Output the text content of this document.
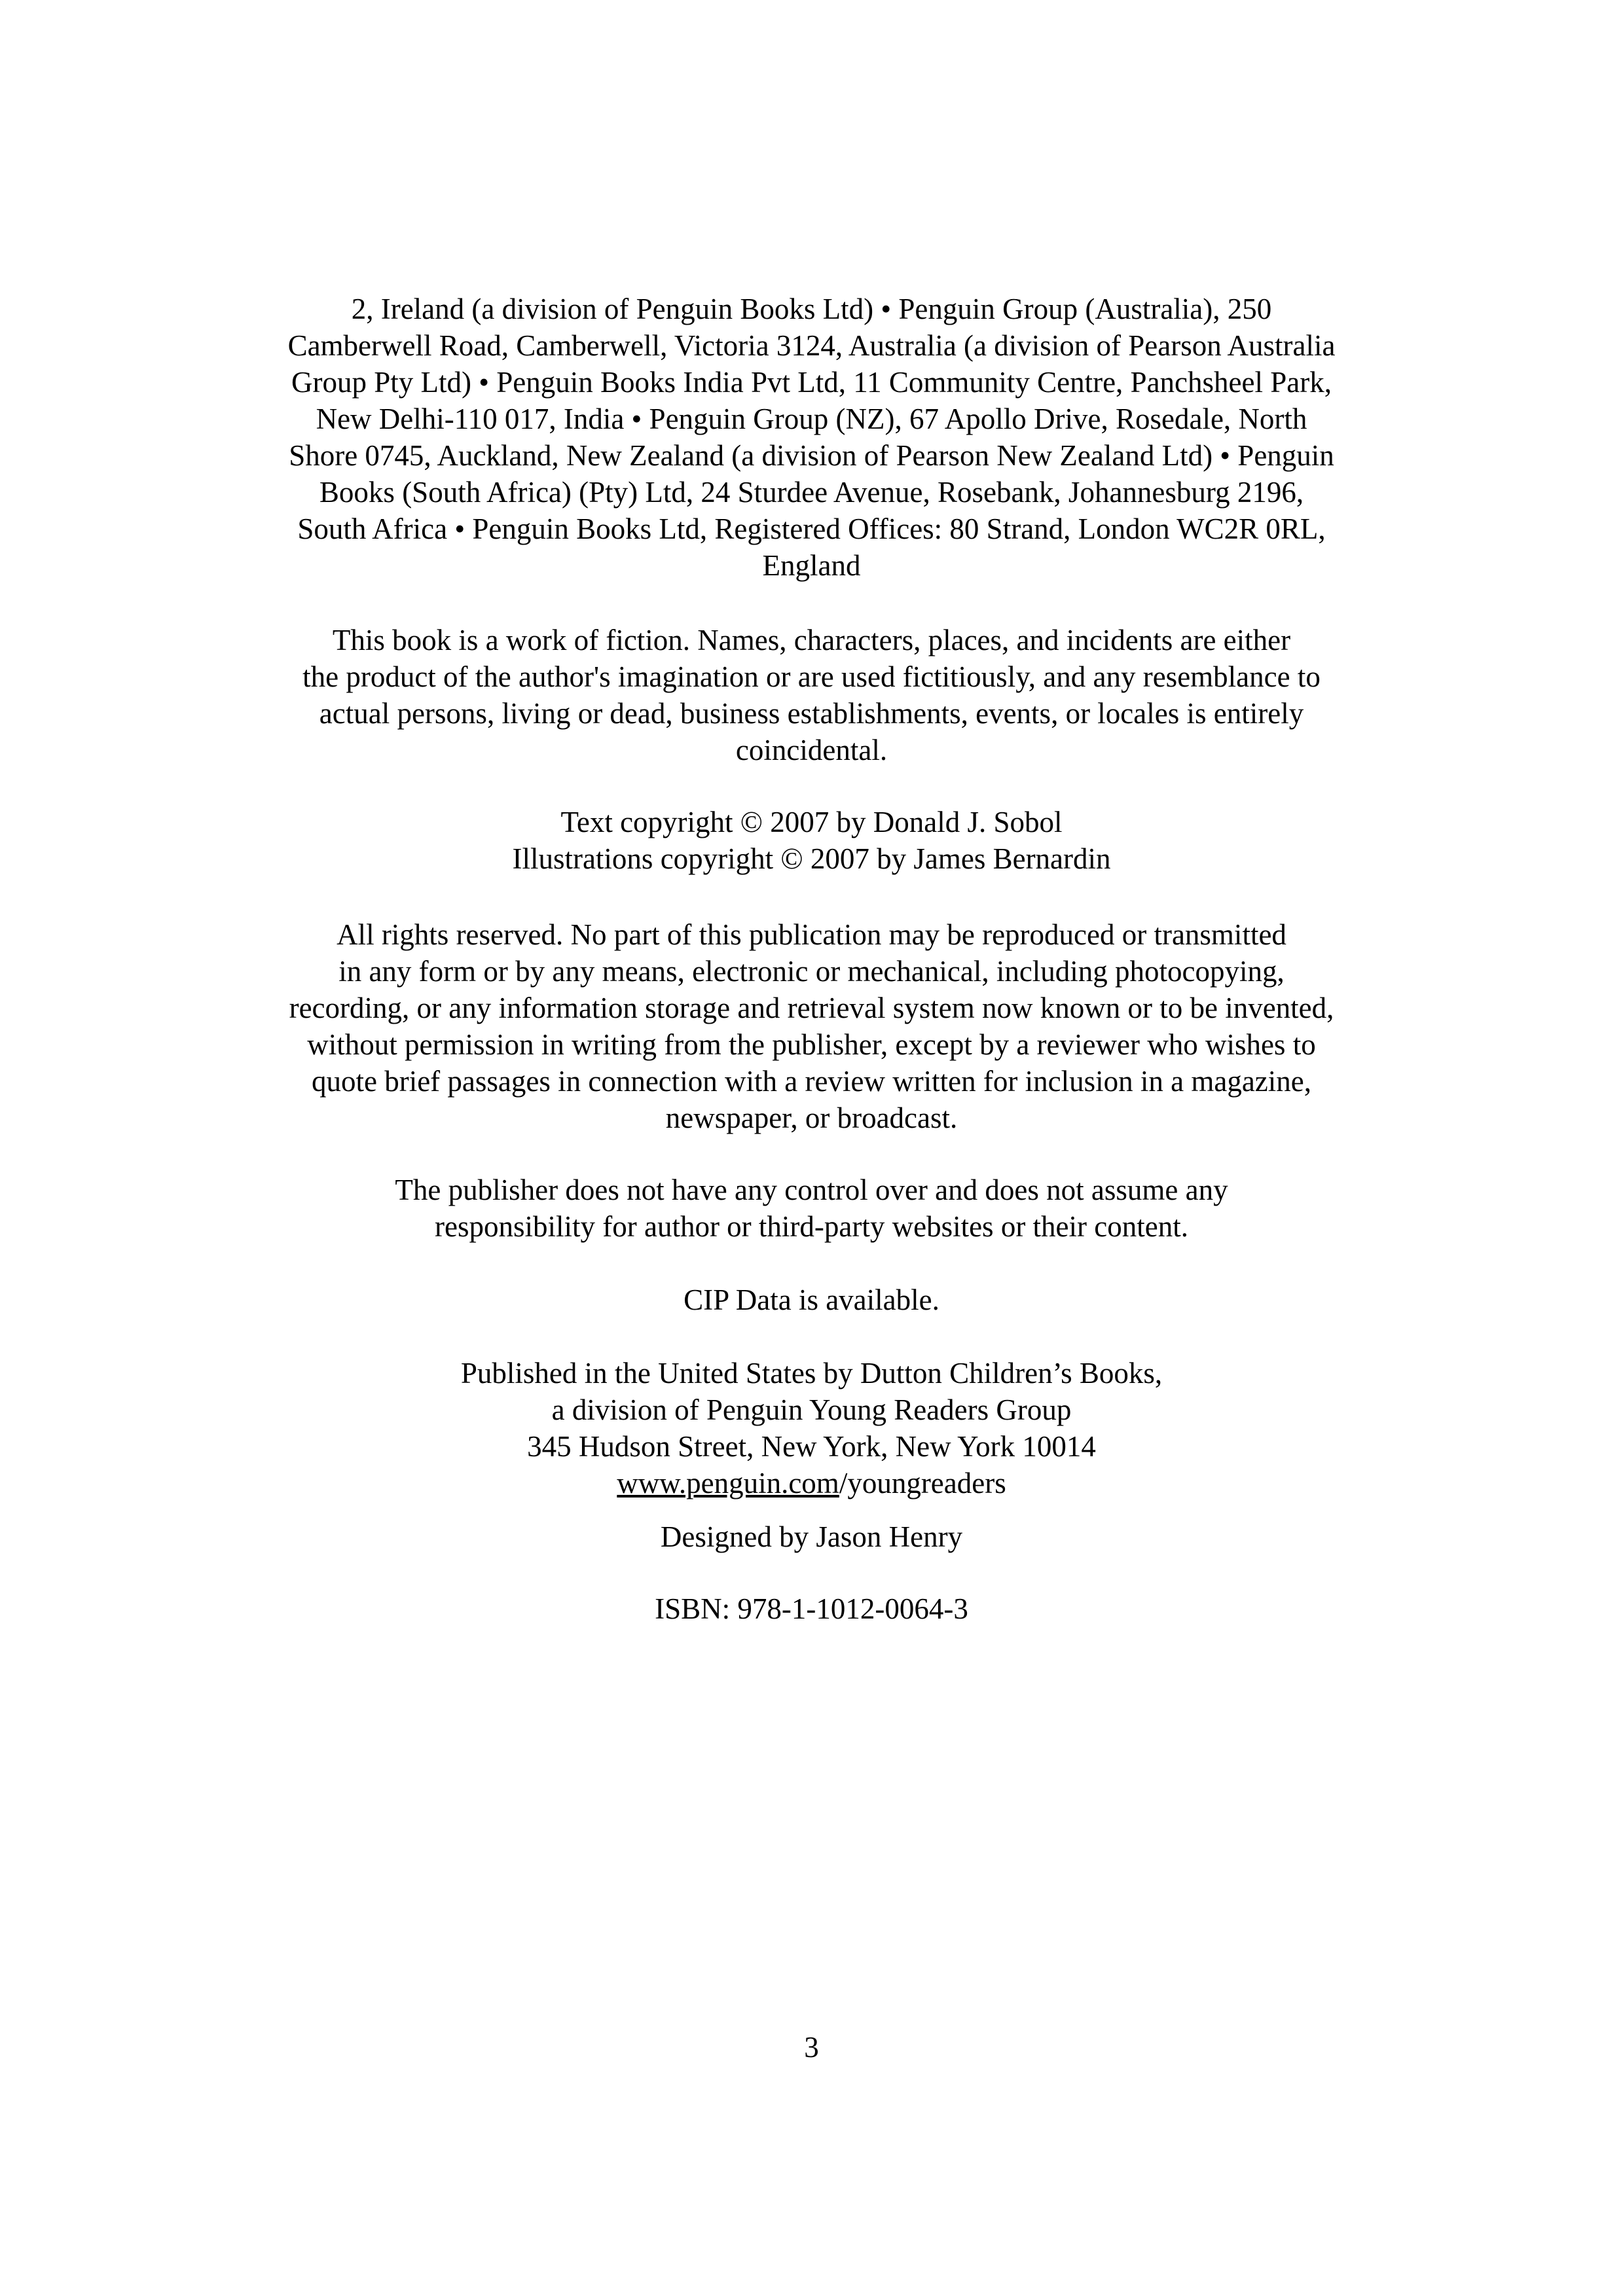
2, Ireland (a division of Penguin Books Ltd) • Penguin Group (Australia), 250
Camberwell Road, Camberwell, Victoria 3124, Australia (a division of Pearson Australia
Group Pty Ltd) • Penguin Books India Pvt Ltd, 11 Community Centre, Panchsheel Park,
New Delhi-110 017, India • Penguin Group (NZ), 67 Apollo Drive, Rosedale, North
Shore 0745, Auckland, New Zealand (a division of Pearson New Zealand Ltd) • Penguin
Books (South Africa) (Pty) Ltd, 24 Sturdee Avenue, Rosebank, Johannesburg 2196,
South Africa • Penguin Books Ltd, Registered Offices: 80 Strand, London WC2R 0RL,
England
This book is a work of fiction. Names, characters, places, and incidents are either
the product of the author's imagination or are used fictitiously, and any resemblance to
actual persons, living or dead, business establishments, events, or locales is entirely
coincidental.
Text copyright © 2007 by Donald J. Sobol
Illustrations copyright © 2007 by James Bernardin
All rights reserved. No part of this publication may be reproduced or transmitted
in any form or by any means, electronic or mechanical, including photocopying,
recording, or any information storage and retrieval system now known or to be invented,
without permission in writing from the publisher, except by a reviewer who wishes to
quote brief passages in connection with a review written for inclusion in a magazine,
newspaper, or broadcast.
The publisher does not have any control over and does not assume any
responsibility for author or third-party websites or their content.
CIP Data is available.
Published in the United States by Dutton Children’s Books,
a division of Penguin Young Readers Group
345 Hudson Street, New York, New York 10014
www.penguin.com/youngreaders
Designed by Jason Henry
ISBN: 978-1-1012-0064-3
3
